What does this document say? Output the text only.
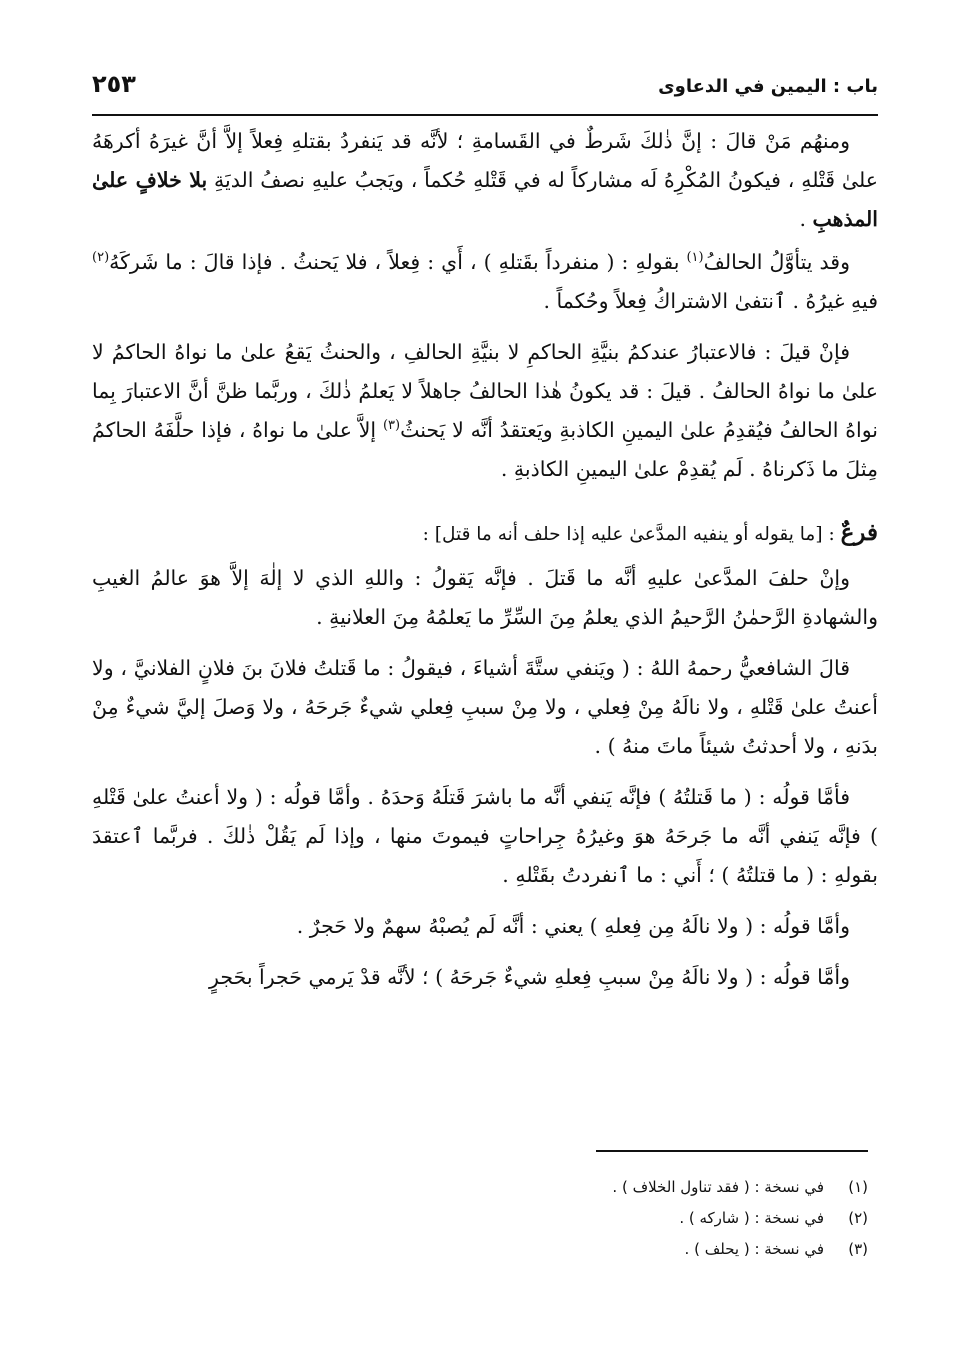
باب : اليمين في الدعاوى
٢٥٣

ومنهُم مَنْ قالَ : إنَّ ذٰلكَ شَرطٌ في القَسامةِ ؛ لأنَّه قد يَنفردُ بقتلهِ فِعلاً إلاَّ أنَّ غيرَهُ أكرهَهُ علىٰ قَتْلهِ ، فيكونُ المُكْرِهُ لَه مشاركاً له في قَتْلهِ حُكماً ، ويَجبُ عليهِ نصفُ الديَةِ بلا خلافٍ علىٰ المذهبِ .

وقد يتأوَّلُ الحالفُ$^{(١)}$ بقولهِ : ( منفرداً بقَتلهِ ) ، أَي : فِعلاً ، فلا يَحنثُ . فإذا قالَ : ما شَركَهُ$^{(٢)}$ فيهِ غيرُهُ . ٱنتفىٰ الاشتراكُ فِعلاً وحُكماً .

فإنْ قيلَ : فالاعتبارُ عندكمُ بنيَّةِ الحاكمِ لا بنيَّةِ الحالفِ ، والحنثُ يَقعُ علىٰ ما نواهُ الحاكمُ لا علىٰ ما نواهُ الحالفُ . قيلَ : قد يكونُ هٰذا الحالفُ جاهلاً لا يَعلمُ ذٰلكَ ، وربَّما ظنَّ أنَّ الاعتبارَ بِما نواهُ الحالفُ فيُقدِمُ علىٰ اليمينِ الكاذبةِ ويَعتقدُ أنَّه لا يَحنثُ$^{(٣)}$ إلاَّ علىٰ ما نواهُ ، فإذا حلَّفَهُ الحاكمُ مِثلَ ما ذَكرناهُ . لَم يُقدِمْ علىٰ اليمينِ الكاذبةِ .

فرعٌ : [ما يقوله أو ينفيه المدَّعىٰ عليه إذا حلف أنه ما قتل] :

وإنْ حلفَ المدَّعىٰ عليهِ أنَّه ما قَتلَ . فإنَّه يَقولُ : واللهِ الذي لا إلٰهَ إلاَّ هوَ عالمُ الغيبِ والشهادةِ الرَّحمٰنُ الرَّحيمُ الذي يعلمُ مِنَ السِّرِّ ما يَعلمُهُ مِنَ العلانيةِ .

قالَ الشافعيُّ رحمهُ اللهُ : ( ويَنفي ستَّةَ أشياءَ ، فيقولُ : ما قَتلتُ فلانَ بنَ فلانٍ الفلانيَّ ، ولا أعنتُ علىٰ قَتْلهِ ، ولا نالَهُ مِنْ فِعلي ، ولا مِنْ سببِ فِعلي شيءٌ جَرحَهُ ، ولا وَصلَ إليَّ شيءٌ مِنْ بدَنهِ ، ولا أحدثتُ شيئاً ماتَ منهُ ) .

فأمَّا قولُه : ( ما قَتلتُهُ ) فإنَّه يَنفي أنَّه ما باشرَ قَتلَهُ وَحدَهُ . وأمَّا قولُه : ( ولا أعنتُ علىٰ قَتْلهِ ) فإنَّه يَنفي أنَّه ما جَرحَهُ هوَ وغيرُهُ جِراحاتٍ فيموتَ منها ، وإذا لَم يَقُلْ ذٰلكَ . فربَّما ٱعتقدَ بقولهِ : ( ما قتلتُهُ ) ؛ أَني : ما ٱنفردتُ بقَتْلهِ .

وأمَّا قولُه : ( ولا نالَهُ مِن فِعلهِ ) يعني : أنَّه لَم يُصبْهُ سهمٌ ولا حَجرٌ .

وأمَّا قولُه : ( ولا نالَهُ مِنْ سببِ فِعلهِ شيءٌ جَرحَهُ ) ؛ لأنَّه قدْ يَرمي حَجراً بحَجرٍ

(١)
في نسخة : ( فقد تناول الخلاف ) .
(٢)
في نسخة : ( شاركه ) .
(٣)
في نسخة : ( يحلف ) .
